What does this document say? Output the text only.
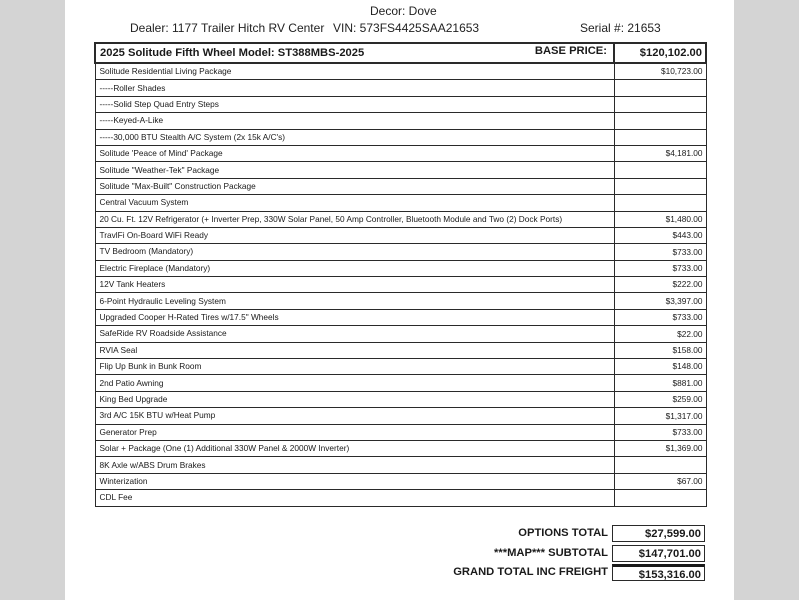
Decor: Dove
Dealer: 1177 Trailer Hitch RV Center VIN: 573FS4425SAA21653	Serial #: 21653
2025 Solitude Fifth Wheel Model: ST388MBS-2025 BASE PRICE:	$120,102.00
Solitude Residential Living Package	$10,723.00
-----Roller Shades	
-----Solid Step Quad Entry Steps	
-----Keyed-A-Like	
-----30,000 BTU Stealth A/C System (2x 15k A/C's)	
Solitude 'Peace of Mind' Package	$4,181.00
Solitude "Weather-Tek" Package	
Solitude "Max-Built" Construction Package	
Central Vacuum System	
20 Cu. Ft. 12V Refrigerator (+ Inverter Prep, 330W Solar Panel, 50 Amp Controller, Bluetooth Module and Two (2) Dock Ports)	$1,480.00
TravlFi On-Board WiFi Ready	$443.00
TV Bedroom (Mandatory)	$733.00
Electric Fireplace (Mandatory)	$733.00
12V Tank Heaters	$222.00
6-Point Hydraulic Leveling System	$3,397.00
Upgraded Cooper H-Rated Tires w/17.5" Wheels	$733.00
SafeRide RV Roadside Assistance	$22.00
RVIA Seal	$158.00
Flip Up Bunk in Bunk Room	$148.00
2nd Patio Awning	$881.00
King Bed Upgrade	$259.00
3rd A/C 15K BTU w/Heat Pump	$1,317.00
Generator Prep	$733.00
Solar + Package (One (1) Additional 330W Panel & 2000W Inverter)	$1,369.00
8K Axle w/ABS Drum Brakes	
Winterization	$67.00
CDL Fee	
OPTIONS TOTAL	$27,599.00
***MAP*** SUBTOTAL	$147,701.00
GRAND TOTAL INC FREIGHT	$153,316.00
